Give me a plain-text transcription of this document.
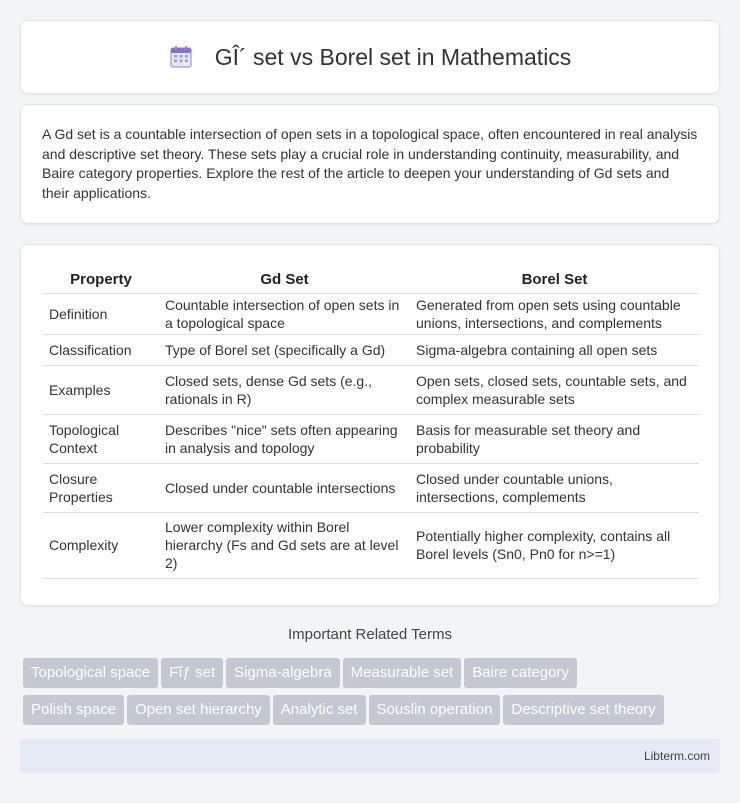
GÎ´ set vs Borel set in Mathematics

A Gd set is a countable intersection of open sets in a topological space, often encountered in real analysis and descriptive set theory. These sets play a crucial role in understanding continuity, measurability, and Baire category properties. Explore the rest of the article to deepen your understanding of Gd sets and their applications.

Property	Gd Set	Borel Set
Definition	Countable intersection of open sets in a topological space	Generated from open sets using countable unions, intersections, and complements
Classification	Type of Borel set (specifically a Gd)	Sigma-algebra containing all open sets
Examples	Closed sets, dense Gd sets (e.g., rationals in R)	Open sets, closed sets, countable sets, and complex measurable sets
Topological Context	Describes "nice" sets often appearing in analysis and topology	Basis for measurable set theory and probability
Closure Properties	Closed under countable intersections	Closed under countable unions, intersections, complements
Complexity	Lower complexity within Borel hierarchy (Fs and Gd sets are at level 2)	Potentially higher complexity, contains all Borel levels (Sn0, Pn0 for n>=1)
Important Related Terms
Topological space Fĭƒ set Sigma-algebra Measurable set Baire category
Polish space Open set hierarchy Analytic set Souslin operation Descriptive set theory
Libterm.com
